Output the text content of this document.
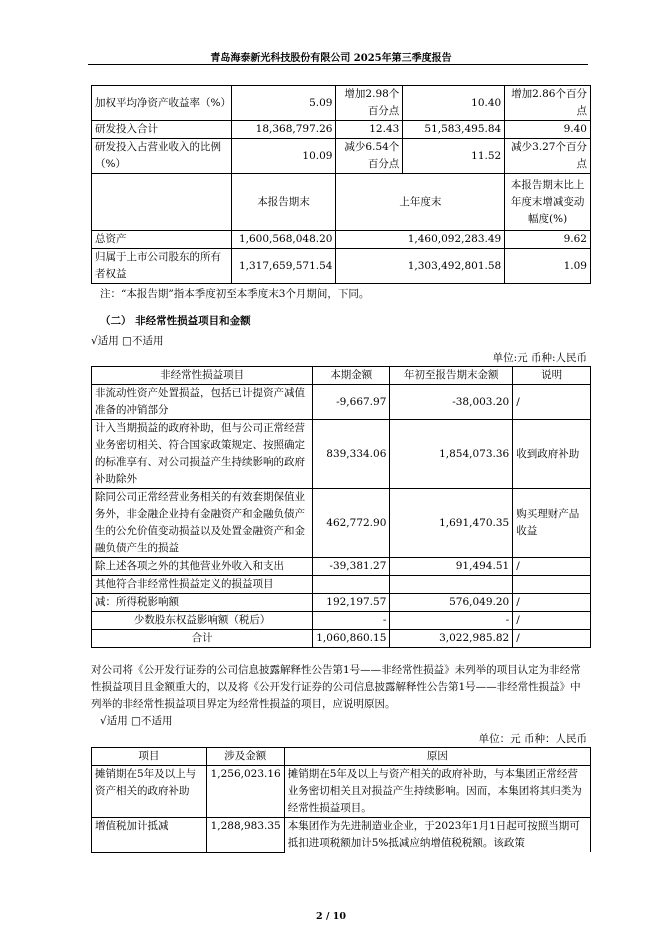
青岛海泰新光科技股份有限公司 2025年第三季度报告
加权平均净资产收益率（%）	5.09	增加2.98个百分点	10.40	增加2.86个百分点
研发投入合计	18,368,797.26	12.43	51,583,495.84	9.40
研发投入占营业收入的比例（%）	10.09	减少6.54个百分点	11.52	减少3.27个百分点
	本报告期末	上年度末		本报告期末比上年度末增减变动幅度(%)
总资产	1,600,568,048.20	1,460,092,283.49		9.62
归属于上市公司股东的所有者权益	1,317,659,571.54	1,303,492,801.58		1.09
注：“本报告期”指本季度初至本季度末3个月期间，下同。
（二） 非经常性损益项目和金额
√适用 □不适用
单位:元 币种:人民币
非经常性损益项目	本期金额	年初至报告期末金额	说明
非流动性资产处置损益，包括已计提资产减值准备的冲销部分	-9,667.97	-38,003.20	/
计入当期损益的政府补助，但与公司正常经营业务密切相关、符合国家政策规定、按照确定的标准享有、对公司损益产生持续影响的政府补助除外	839,334.06	1,854,073.36	收到政府补助
除同公司正常经营业务相关的有效套期保值业务外，非金融企业持有金融资产和金融负债产生的公允价值变动损益以及处置金融资产和金融负债产生的损益	462,772.90	1,691,470.35	购买理财产品收益
除上述各项之外的其他营业外收入和支出	-39,381.27	91,494.51	/
其他符合非经常性损益定义的损益项目			
减：所得税影响额	192,197.57	576,049.20	/
少数股东权益影响额（税后）	-	-	/
合计	1,060,860.15	3,022,985.82	/
对公司将《公开发行证券的公司信息披露解释性公告第1号——非经常性损益》未列举的项目认定为非经常性损益项目且金额重大的，以及将《公开发行证券的公司信息披露解释性公告第1号——非经常性损益》中列举的非经常性损益项目界定为经常性损益的项目，应说明原因。
√适用 □不适用
单位：元 币种：人民币
项目	涉及金额	原因
摊销期在5年及以上与资产相关的政府补助	1,256,023.16	摊销期在5年及以上与资产相关的政府补助，与本集团正常经营业务密切相关且对损益产生持续影响。因而，本集团将其归类为经常性损益项目。
增值税加计抵减	1,288,983.35	本集团作为先进制造业企业，于2023年1月1日起可按照当期可抵扣进项税额加计5%抵减应纳增值税税额。该政策
2 / 10
